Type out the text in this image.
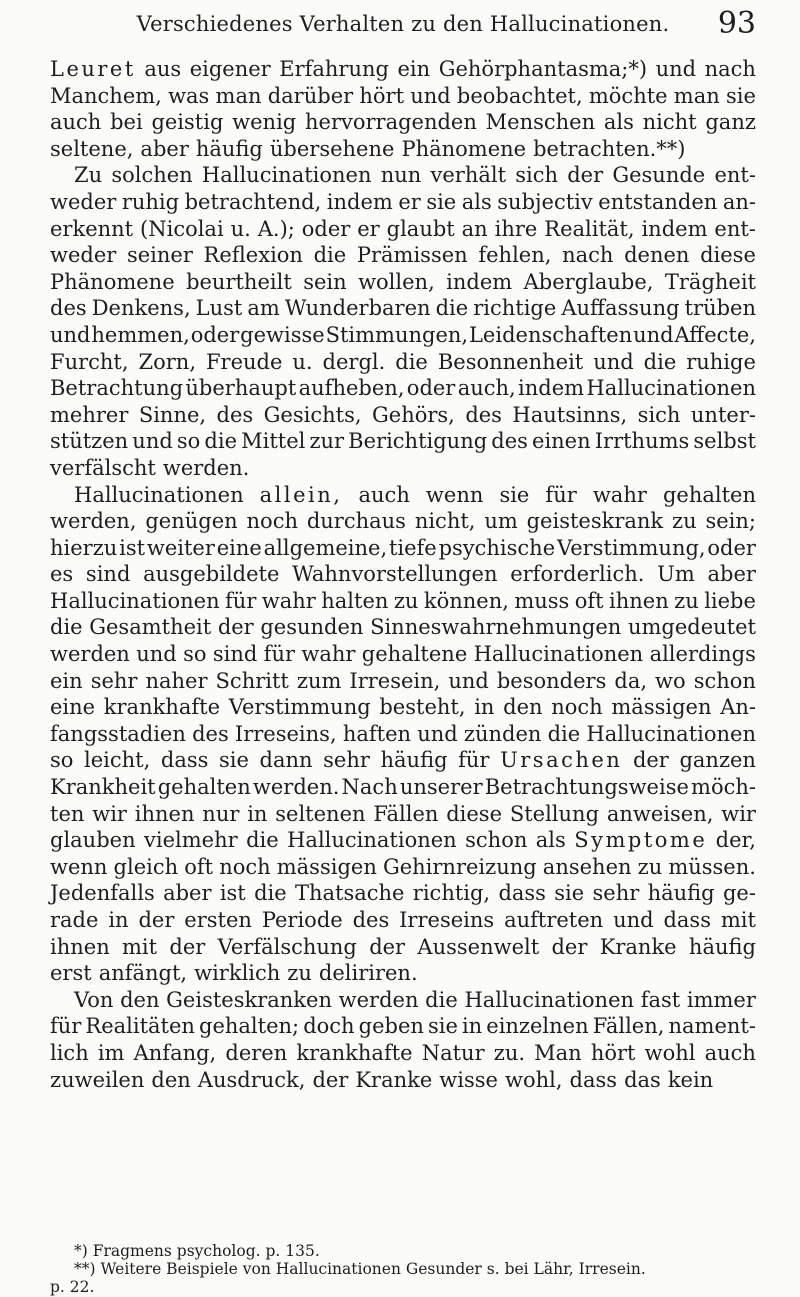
Verschiedenes Verhalten zu den Hallucinationen.	93
Leuret aus eigener Erfahrung ein Gehörphantasma;*) und nach
Manchem, was man darüber hört und beobachtet, möchte man sie
auch bei geistig wenig hervorragenden Menschen als nicht ganz
seltene, aber häufig übersehene Phänomene betrachten.**)
Zu solchen Hallucinationen nun verhält sich der Gesunde ent-
weder ruhig betrachtend, indem er sie als subjectiv entstanden an-
erkennt (Nicolai u. A.); oder er glaubt an ihre Realität, indem ent-
weder seiner Reflexion die Prämissen fehlen, nach denen diese
Phänomene beurtheilt sein wollen, indem Aberglaube, Trägheit
des Denkens, Lust am Wunderbaren die richtige Auffassung trüben
und hemmen, oder gewisse Stimmungen, Leidenschaften und Affecte,
Furcht, Zorn, Freude u. dergl. die Besonnenheit und die ruhige
Betrachtung überhaupt aufheben, oder auch, indem Hallucinationen
mehrer Sinne, des Gesichts, Gehörs, des Hautsinns, sich unter-
stützen und so die Mittel zur Berichtigung des einen Irrthums selbst
verfälscht werden.
Hallucinationen allein, auch wenn sie für wahr gehalten
werden, genügen noch durchaus nicht, um geisteskrank zu sein;
hierzu ist weiter eine allgemeine, tiefe psychische Verstimmung, oder
es sind ausgebildete Wahnvorstellungen erforderlich. Um aber
Hallucinationen für wahr halten zu können, muss oft ihnen zu liebe
die Gesamtheit der gesunden Sinneswahrnehmungen umgedeutet
werden und so sind für wahr gehaltene Hallucinationen allerdings
ein sehr naher Schritt zum Irresein, und besonders da, wo schon
eine krankhafte Verstimmung besteht, in den noch mässigen An-
fangsstadien des Irreseins, haften und zünden die Hallucinationen
so leicht, dass sie dann sehr häufig für Ursachen der ganzen
Krankheit gehalten werden. Nach unserer Betrachtungsweise möch-
ten wir ihnen nur in seltenen Fällen diese Stellung anweisen, wir
glauben vielmehr die Hallucinationen schon als Symptome der,
wenn gleich oft noch mässigen Gehirnreizung ansehen zu müssen.
Jedenfalls aber ist die Thatsache richtig, dass sie sehr häufig ge-
rade in der ersten Periode des Irreseins auftreten und dass mit
ihnen mit der Verfälschung der Aussenwelt der Kranke häufig
erst anfängt, wirklich zu deliriren.
Von den Geisteskranken werden die Hallucinationen fast immer
für Realitäten gehalten; doch geben sie in einzelnen Fällen, nament-
lich im Anfang, deren krankhafte Natur zu. Man hört wohl auch
zuweilen den Ausdruck, der Kranke wisse wohl, dass das kein
*) Fragmens psycholog. p. 135.
**) Weitere Beispiele von Hallucinationen Gesunder s. bei Lähr, Irresein.
p. 22.
